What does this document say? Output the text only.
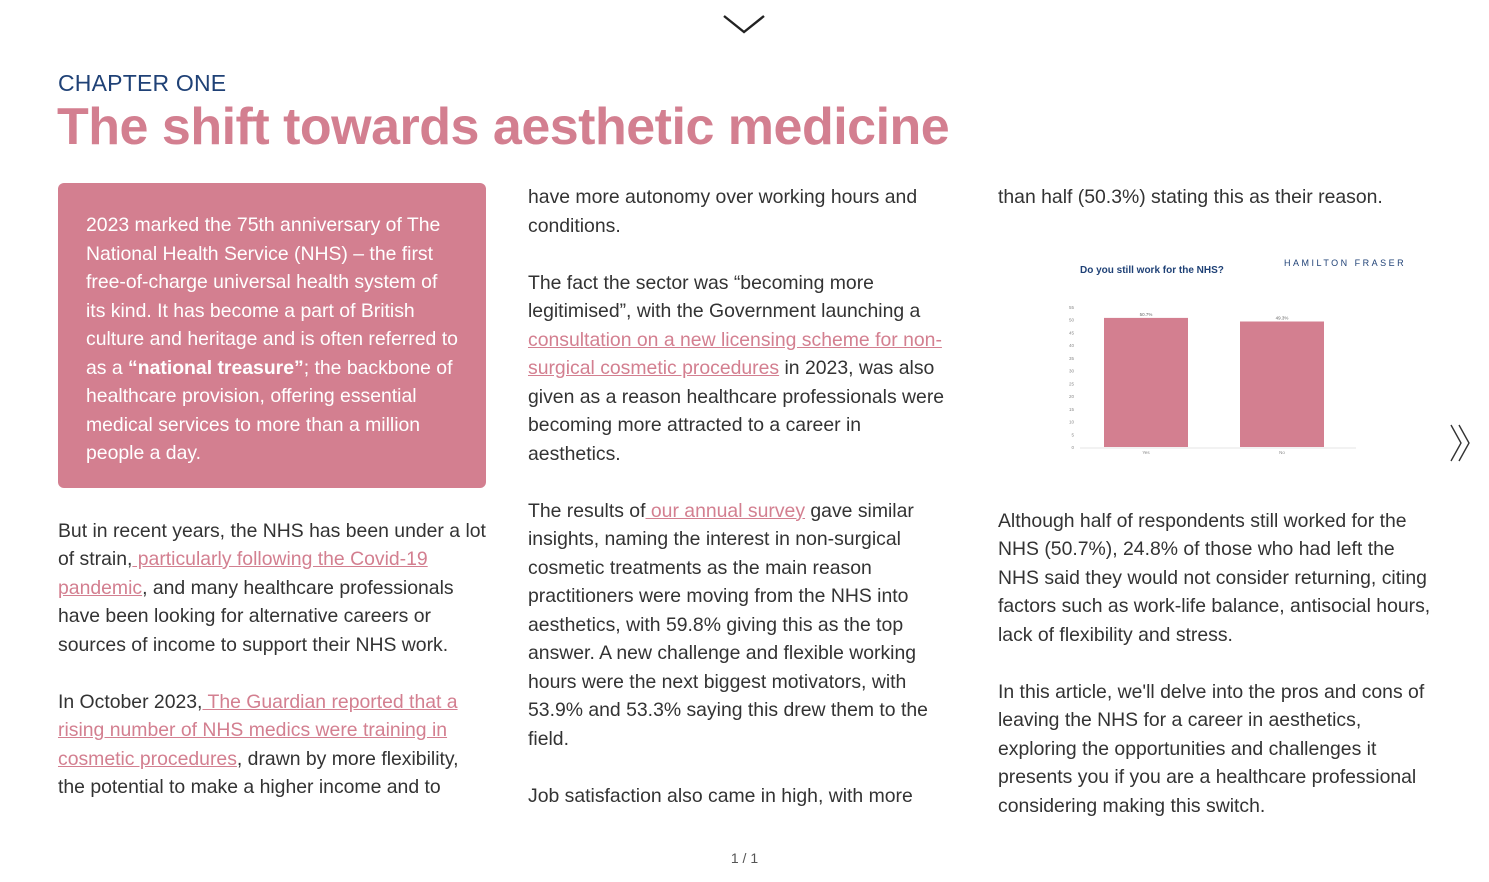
CHAPTER ONE
The shift towards aesthetic medicine
2023 marked the 75th anniversary of The National Health Service (NHS) – the first free-of-charge universal health system of its kind. It has become a part of British culture and heritage and is often referred to as a “national treasure”; the backbone of healthcare provision, offering essential medical services to more than a million people a day.

But in recent years, the NHS has been under a lot of strain, particularly following the Covid-19 pandemic, and many healthcare professionals have been looking for alternative careers or sources of income to support their NHS work.

In October 2023, The Guardian reported that a rising number of NHS medics were training in cosmetic procedures, drawn by more flexibility, the potential to make a higher income and to

have more autonomy over working hours and conditions.

The fact the sector was “becoming more legitimised”, with the Government launching a consultation on a new licensing scheme for non-surgical cosmetic procedures in 2023, was also given as a reason healthcare professionals were becoming more attracted to a career in aesthetics.

The results of our annual survey gave similar insights, naming the interest in non-surgical cosmetic treatments as the main reason practitioners were moving from the NHS into aesthetics, with 59.8% giving this as the top answer. A new challenge and flexible working hours were the next biggest motivators, with 53.9% and 53.3% saying this drew them to the field.

Job satisfaction also came in high, with more

than half (50.3%) stating this as their reason.

Do you still work for the NHS?
HAMILTON FRASER
0
5
10
15
20
25
30
35
40
45
50
55
50.7%
Yes
49.3%
No

Although half of respondents still worked for the NHS (50.7%), 24.8% of those who had left the NHS said they would not consider returning, citing factors such as work-life balance, antisocial hours, lack of flexibility and stress.

In this article, we'll delve into the pros and cons of leaving the NHS for a career in aesthetics, exploring the opportunities and challenges it presents you if you are a healthcare professional considering making this switch.

1 / 1
